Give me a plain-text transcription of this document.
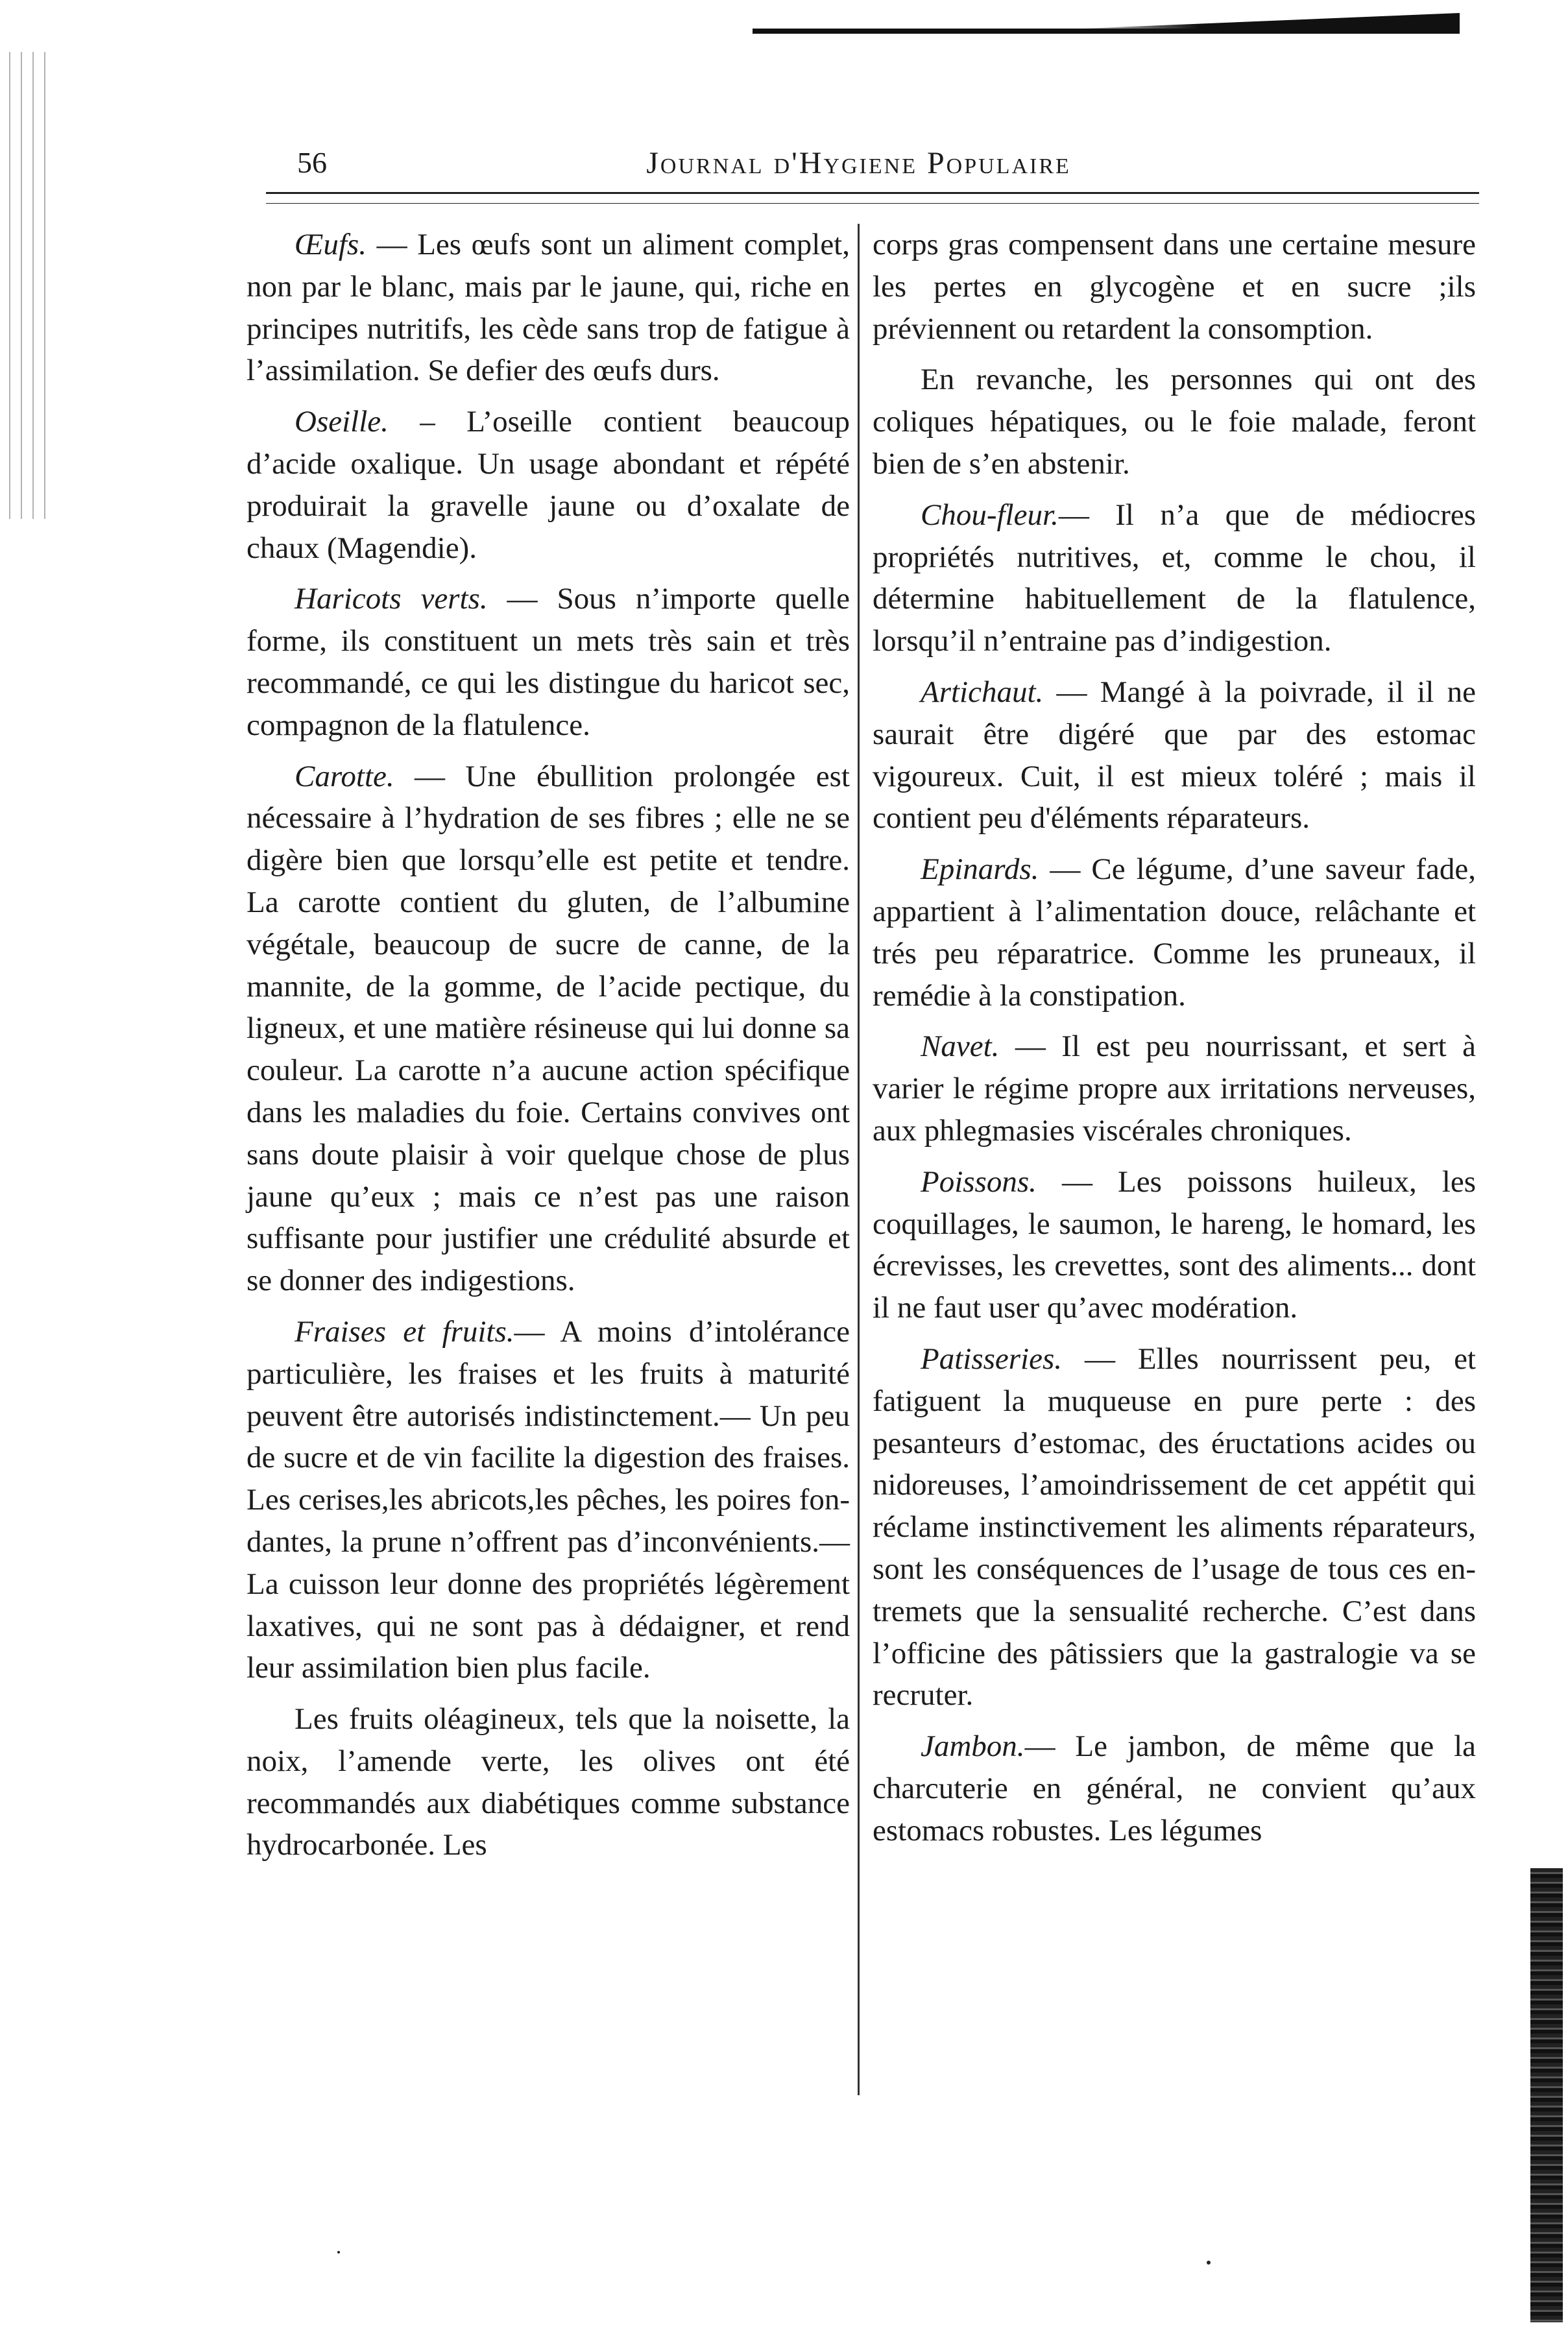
56	Journal d'Hygiene Populaire

Œufs. — Les œufs sont un aliment complet, non par le blanc, mais par le jaune, qui, riche en principes nutritifs, les cède sans trop de fatigue à l’assimilation. Se defier des œufs durs.

Oseille. – L’oseille contient beaucoup d’acide oxalique. Un usage abondant et répété produirait la gravelle jaune ou d’oxalate de chaux (Magendie).

Haricots verts. — Sous n’importe quelle forme, ils constituent un mets très sain et très recommandé, ce qui les distingue du haricot sec, compagnon de la flatulence.

Carotte. — Une ébullition prolongée est nécessaire à l’hydration de ses fibres ; elle ne se digère bien que lorsqu’elle est petite et tendre. La carotte contient du gluten, de l’albumine végétale, beaucoup de sucre de canne, de la mannite, de la gomme, de l’acide pectique, du ligneux, et une matière résineuse qui lui donne sa couleur. La carotte n’a aucune action spécifique dans les maladies du foie. Certains convives ont sans doute plaisir à voir quelque chose de plus jaune qu’eux ; mais ce n’est pas une raison suffisante pour justifier une crédulité absurde et se donner des indigestions.

Fraises et fruits.— A moins d’intolérance particulière, les fraises et les fruits à maturité peuvent être autorisés indistinctement.— Un peu de sucre et de vin facilite la digestion des fraises. Les cerises,les abricots,les pêches, les poires fondantes, la prune n’offrent pas d’inconvénients.— La cuisson leur donne des propriétés légèrement laxatives, qui ne sont pas à dédaigner, et rend leur assimilation bien plus facile.

Les fruits oléagineux, tels que la noisette, la noix, l’amende verte, les olives ont été recommandés aux diabétiques comme substance hydrocarbonée. Les

corps gras compensent dans une certaine mesure les pertes en glycogène et en sucre ;ils préviennent ou retardent la consomption.

En revanche, les personnes qui ont des coliques hépatiques, ou le foie malade, feront bien de s’en abstenir.

Chou-fleur.— Il n’a que de médiocres propriétés nutritives, et, comme le chou, il détermine habituellement de la flatulence, lorsqu’il n’entraine pas d’indigestion.

Artichaut. — Mangé à la poivrade, il il ne saurait être digéré que par des estomac vigoureux. Cuit, il est mieux toléré ; mais il contient peu d'éléments réparateurs.

Epinards. — Ce légume, d’une saveur fade, appartient à l’alimentation douce, relâchante et trés peu réparatrice. Comme les pruneaux, il remédie à la constipation.

Navet. — Il est peu nourrissant, et sert à varier le régime propre aux irritations nerveuses, aux phlegmasies viscérales chroniques.

Poissons. — Les poissons huileux, les coquillages, le saumon, le hareng, le homard, les écrevisses, les crevettes, sont des aliments... dont il ne faut user qu’avec modération.

Patisseries. — Elles nourrissent peu, et fatiguent la muqueuse en pure perte : des pesanteurs d’estomac, des éructations acides ou nidoreuses, l’amoindrissement de cet appétit qui réclame instinctivement les aliments réparateurs, sont les conséquences de l’usage de tous ces entremets que la sensualité recherche. C’est dans l’officine des pâtissiers que la gastralogie va se recruter.

Jambon.— Le jambon, de même que la charcuterie en général, ne convient qu’aux estomacs robustes. Les légumes
